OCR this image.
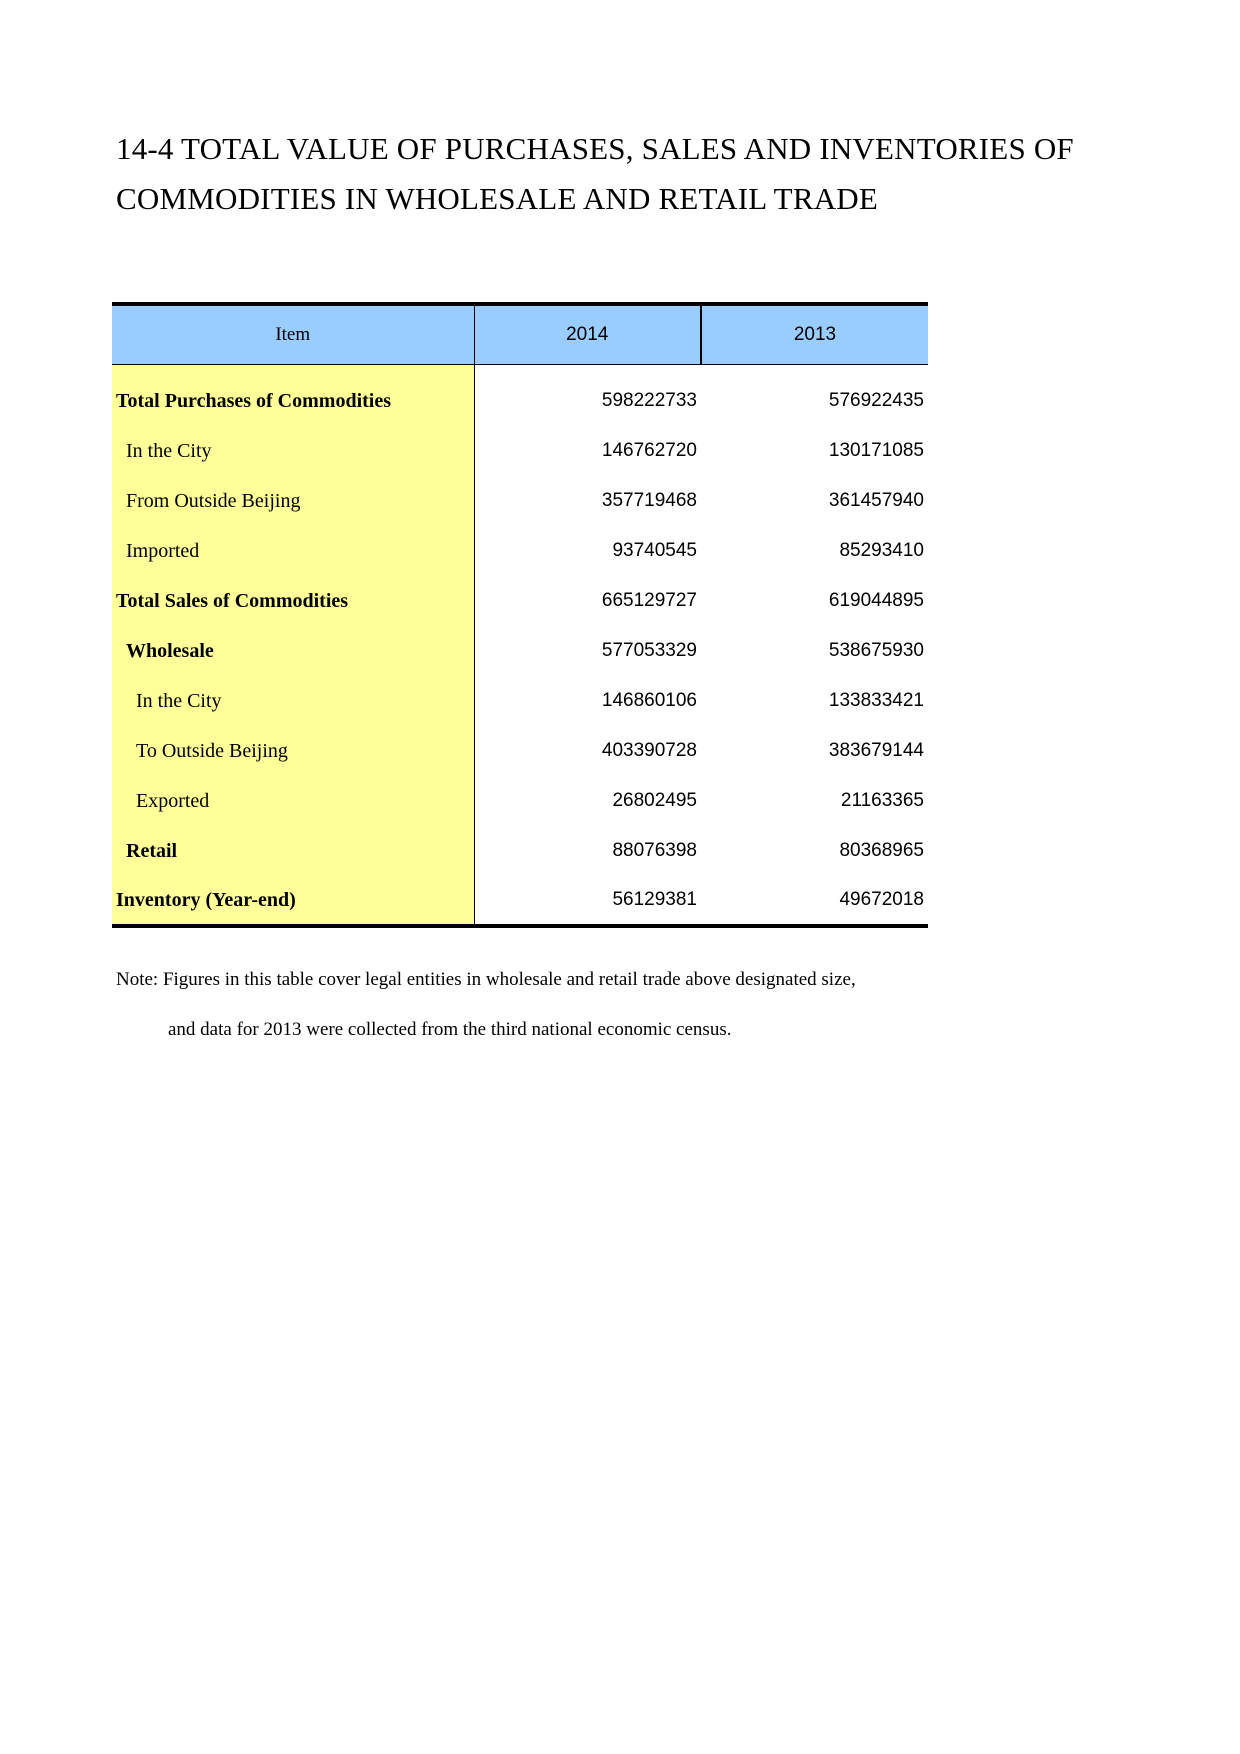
14-4 TOTAL VALUE OF PURCHASES, SALES AND INVENTORIES OF
COMMODITIES IN WHOLESALE AND RETAIL TRADE
Item	2014	2013

Total Purchases of Commodities	598222733	576922435
In the City	146762720	130171085
From Outside Beijing	357719468	361457940
Imported	93740545	85293410
Total Sales of Commodities	665129727	619044895
Wholesale	577053329	538675930
In the City	146860106	133833421
To Outside Beijing	403390728	383679144
Exported	26802495	21163365
Retail	88076398	80368965
Inventory (Year-end)	56129381	49672018
Note: Figures in this table cover legal entities in wholesale and retail trade above designated size,
and data for 2013 were collected from the third national economic census.
